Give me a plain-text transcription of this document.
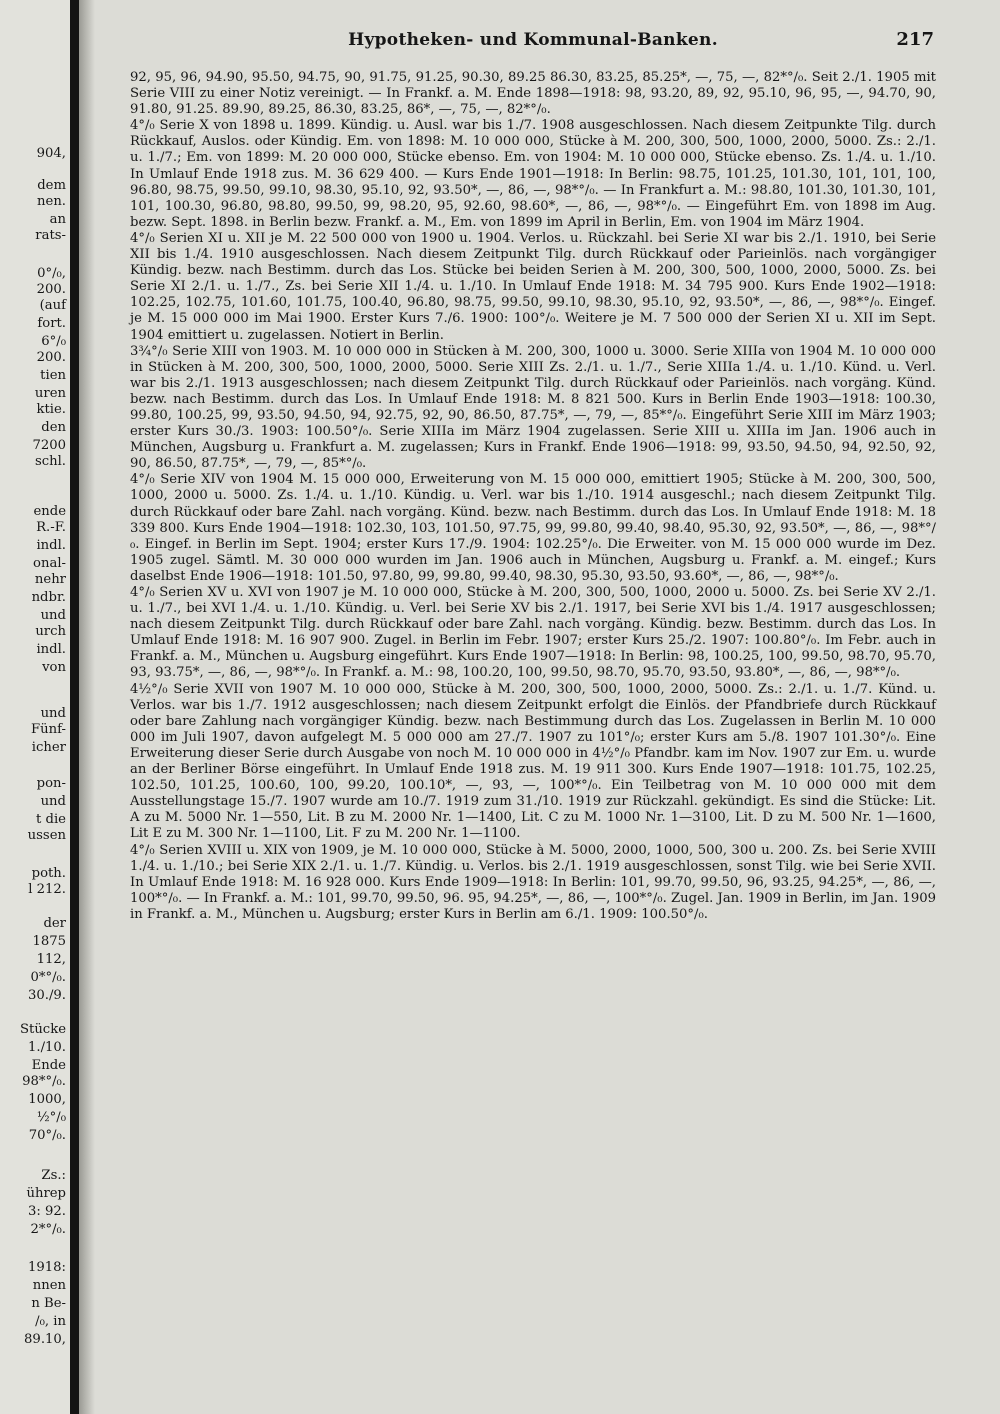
904,
dem
nen.
an
rats-
0°/₀,
200.
(auf
fort.
6°/₀
200.
tien
uren
ktie.
den
7200
schl.
ende
R.-F.
indl.
onal-
nehr
ndbr.
und
urch
indl.
von
und
Fünf-
icher
pon-
und
t die
ussen
poth.
l 212.
der
1875
112,
0*°/₀.
30./9.
Stücke
1./10.
Ende
98*°/₀.
1000,
½°/₀
70°/₀.
Zs.:
ührep
3: 92.
2*°/₀.
1918:
nnen
n Be-
/₀, in
89.10,
Hypotheken- und Kommunal-Banken.	217

92, 95, 96, 94.90, 95.50, 94.75, 90, 91.75, 91.25, 90.30, 89.25 86.30, 83.25, 85.25*, —, 75, —, 82*°/₀. Seit 2./1. 1905 mit Serie VIII zu einer Notiz vereinigt. — In Frankf. a. M. Ende 1898—1918: 98, 93.20, 89, 92, 95.10, 96, 95, —, 94.70, 90, 91.80, 91.25. 89.90, 89.25, 86.30, 83.25, 86*, —, 75, —, 82*°/₀.

4°/₀ Serie X von 1898 u. 1899. Kündig. u. Ausl. war bis 1./7. 1908 ausgeschlossen. Nach diesem Zeitpunkte Tilg. durch Rückkauf, Auslos. oder Kündig. Em. von 1898: M. 10 000 000, Stücke à M. 200, 300, 500, 1000, 2000, 5000. Zs.: 2./1. u. 1./7.; Em. von 1899: M. 20 000 000, Stücke ebenso. Em. von 1904: M. 10 000 000, Stücke ebenso. Zs. 1./4. u. 1./10. In Umlauf Ende 1918 zus. M. 36 629 400. — Kurs Ende 1901—1918: In Berlin: 98.75, 101.25, 101.30, 101, 101, 100, 96.80, 98.75, 99.50, 99.10, 98.30, 95.10, 92, 93.50*, —, 86, —, 98*°/₀. — In Frankfurt a. M.: 98.80, 101.30, 101.30, 101, 101, 100.30, 96.80, 98.80, 99.50, 99, 98.20, 95, 92.60, 98.60*, —, 86, —, 98*°/₀. — Eingeführt Em. von 1898 im Aug. bezw. Sept. 1898. in Berlin bezw. Frankf. a. M., Em. von 1899 im April in Berlin, Em. von 1904 im März 1904.

4°/₀ Serien XI u. XII je M. 22 500 000 von 1900 u. 1904. Verlos. u. Rückzahl. bei Serie XI war bis 2./1. 1910, bei Serie XII bis 1./4. 1910 ausgeschlossen. Nach diesem Zeitpunkt Tilg. durch Rückkauf oder Parieinlös. nach vorgängiger Kündig. bezw. nach Bestimm. durch das Los. Stücke bei beiden Serien à M. 200, 300, 500, 1000, 2000, 5000. Zs. bei Serie XI 2./1. u. 1./7., Zs. bei Serie XII 1./4. u. 1./10. In Umlauf Ende 1918: M. 34 795 900. Kurs Ende 1902—1918: 102.25, 102.75, 101.60, 101.75, 100.40, 96.80, 98.75, 99.50, 99.10, 98.30, 95.10, 92, 93.50*, —, 86, —, 98*°/₀. Eingef. je M. 15 000 000 im Mai 1900. Erster Kurs 7./6. 1900: 100°/₀. Weitere je M. 7 500 000 der Serien XI u. XII im Sept. 1904 emittiert u. zugelassen. Notiert in Berlin.

3¾°/₀ Serie XIII von 1903. M. 10 000 000 in Stücken à M. 200, 300, 1000 u. 3000. Serie XIIIa von 1904 M. 10 000 000 in Stücken à M. 200, 300, 500, 1000, 2000, 5000. Serie XIII Zs. 2./1. u. 1./7., Serie XIIIa 1./4. u. 1./10. Künd. u. Verl. war bis 2./1. 1913 ausgeschlossen; nach diesem Zeitpunkt Tilg. durch Rückkauf oder Parieinlös. nach vorgäng. Künd. bezw. nach Bestimm. durch das Los. In Umlauf Ende 1918: M. 8 821 500. Kurs in Berlin Ende 1903—1918: 100.30, 99.80, 100.25, 99, 93.50, 94.50, 94, 92.75, 92, 90, 86.50, 87.75*, —, 79, —, 85*°/₀. Eingeführt Serie XIII im März 1903; erster Kurs 30./3. 1903: 100.50°/₀. Serie XIIIa im März 1904 zugelassen. Serie XIII u. XIIIa im Jan. 1906 auch in München, Augsburg u. Frankfurt a. M. zugelassen; Kurs in Frankf. Ende 1906—1918: 99, 93.50, 94.50, 94, 92.50, 92, 90, 86.50, 87.75*, —, 79, —, 85*°/₀.

4°/₀ Serie XIV von 1904 M. 15 000 000, Erweiterung von M. 15 000 000, emittiert 1905; Stücke à M. 200, 300, 500, 1000, 2000 u. 5000. Zs. 1./4. u. 1./10. Kündig. u. Verl. war bis 1./10. 1914 ausgeschl.; nach diesem Zeitpunkt Tilg. durch Rückkauf oder bare Zahl. nach vorgäng. Künd. bezw. nach Bestimm. durch das Los. In Umlauf Ende 1918: M. 18 339 800. Kurs Ende 1904—1918: 102.30, 103, 101.50, 97.75, 99, 99.80, 99.40, 98.40, 95.30, 92, 93.50*, —, 86, —, 98*°/₀. Eingef. in Berlin im Sept. 1904; erster Kurs 17./9. 1904: 102.25°/₀. Die Erweiter. von M. 15 000 000 wurde im Dez. 1905 zugel. Sämtl. M. 30 000 000 wurden im Jan. 1906 auch in München, Augsburg u. Frankf. a. M. eingef.; Kurs daselbst Ende 1906—1918: 101.50, 97.80, 99, 99.80, 99.40, 98.30, 95.30, 93.50, 93.60*, —, 86, —, 98*°/₀.

4°/₀ Serien XV u. XVI von 1907 je M. 10 000 000, Stücke à M. 200, 300, 500, 1000, 2000 u. 5000. Zs. bei Serie XV 2./1. u. 1./7., bei XVI 1./4. u. 1./10. Kündig. u. Verl. bei Serie XV bis 2./1. 1917, bei Serie XVI bis 1./4. 1917 ausgeschlossen; nach diesem Zeitpunkt Tilg. durch Rückkauf oder bare Zahl. nach vorgäng. Kündig. bezw. Bestimm. durch das Los. In Umlauf Ende 1918: M. 16 907 900. Zugel. in Berlin im Febr. 1907; erster Kurs 25./2. 1907: 100.80°/₀. Im Febr. auch in Frankf. a. M., München u. Augsburg eingeführt. Kurs Ende 1907—1918: In Berlin: 98, 100.25, 100, 99.50, 98.70, 95.70, 93, 93.75*, —, 86, —, 98*°/₀. In Frankf. a. M.: 98, 100.20, 100, 99.50, 98.70, 95.70, 93.50, 93.80*, —, 86, —, 98*°/₀.

4½°/₀ Serie XVII von 1907 M. 10 000 000, Stücke à M. 200, 300, 500, 1000, 2000, 5000. Zs.: 2./1. u. 1./7. Künd. u. Verlos. war bis 1./7. 1912 ausgeschlossen; nach diesem Zeitpunkt erfolgt die Einlös. der Pfandbriefe durch Rückkauf oder bare Zahlung nach vorgängiger Kündig. bezw. nach Bestimmung durch das Los. Zugelassen in Berlin M. 10 000 000 im Juli 1907, davon aufgelegt M. 5 000 000 am 27./7. 1907 zu 101°/₀; erster Kurs am 5./8. 1907 101.30°/₀. Eine Erweiterung dieser Serie durch Ausgabe von noch M. 10 000 000 in 4½°/₀ Pfandbr. kam im Nov. 1907 zur Em. u. wurde an der Berliner Börse eingeführt. In Umlauf Ende 1918 zus. M. 19 911 300. Kurs Ende 1907—1918: 101.75, 102.25, 102.50, 101.25, 100.60, 100, 99.20, 100.10*, —, 93, —, 100*°/₀. Ein Teilbetrag von M. 10 000 000 mit dem Ausstellungstage 15./7. 1907 wurde am 10./7. 1919 zum 31./10. 1919 zur Rückzahl. gekündigt. Es sind die Stücke: Lit. A zu M. 5000 Nr. 1—550, Lit. B zu M. 2000 Nr. 1—1400, Lit. C zu M. 1000 Nr. 1—3100, Lit. D zu M. 500 Nr. 1—1600, Lit E zu M. 300 Nr. 1—1100, Lit. F zu M. 200 Nr. 1—1100.

4°/₀ Serien XVIII u. XIX von 1909, je M. 10 000 000, Stücke à M. 5000, 2000, 1000, 500, 300 u. 200. Zs. bei Serie XVIII 1./4. u. 1./10.; bei Serie XIX 2./1. u. 1./7. Kündig. u. Verlos. bis 2./1. 1919 ausgeschlossen, sonst Tilg. wie bei Serie XVII. In Umlauf Ende 1918: M. 16 928 000. Kurs Ende 1909—1918: In Berlin: 101, 99.70, 99.50, 96, 93.25, 94.25*, —, 86, —, 100*°/₀. — In Frankf. a. M.: 101, 99.70, 99.50, 96. 95, 94.25*, —, 86, —, 100*°/₀. Zugel. Jan. 1909 in Berlin, im Jan. 1909 in Frankf. a. M., München u. Augsburg; erster Kurs in Berlin am 6./1. 1909: 100.50°/₀.
